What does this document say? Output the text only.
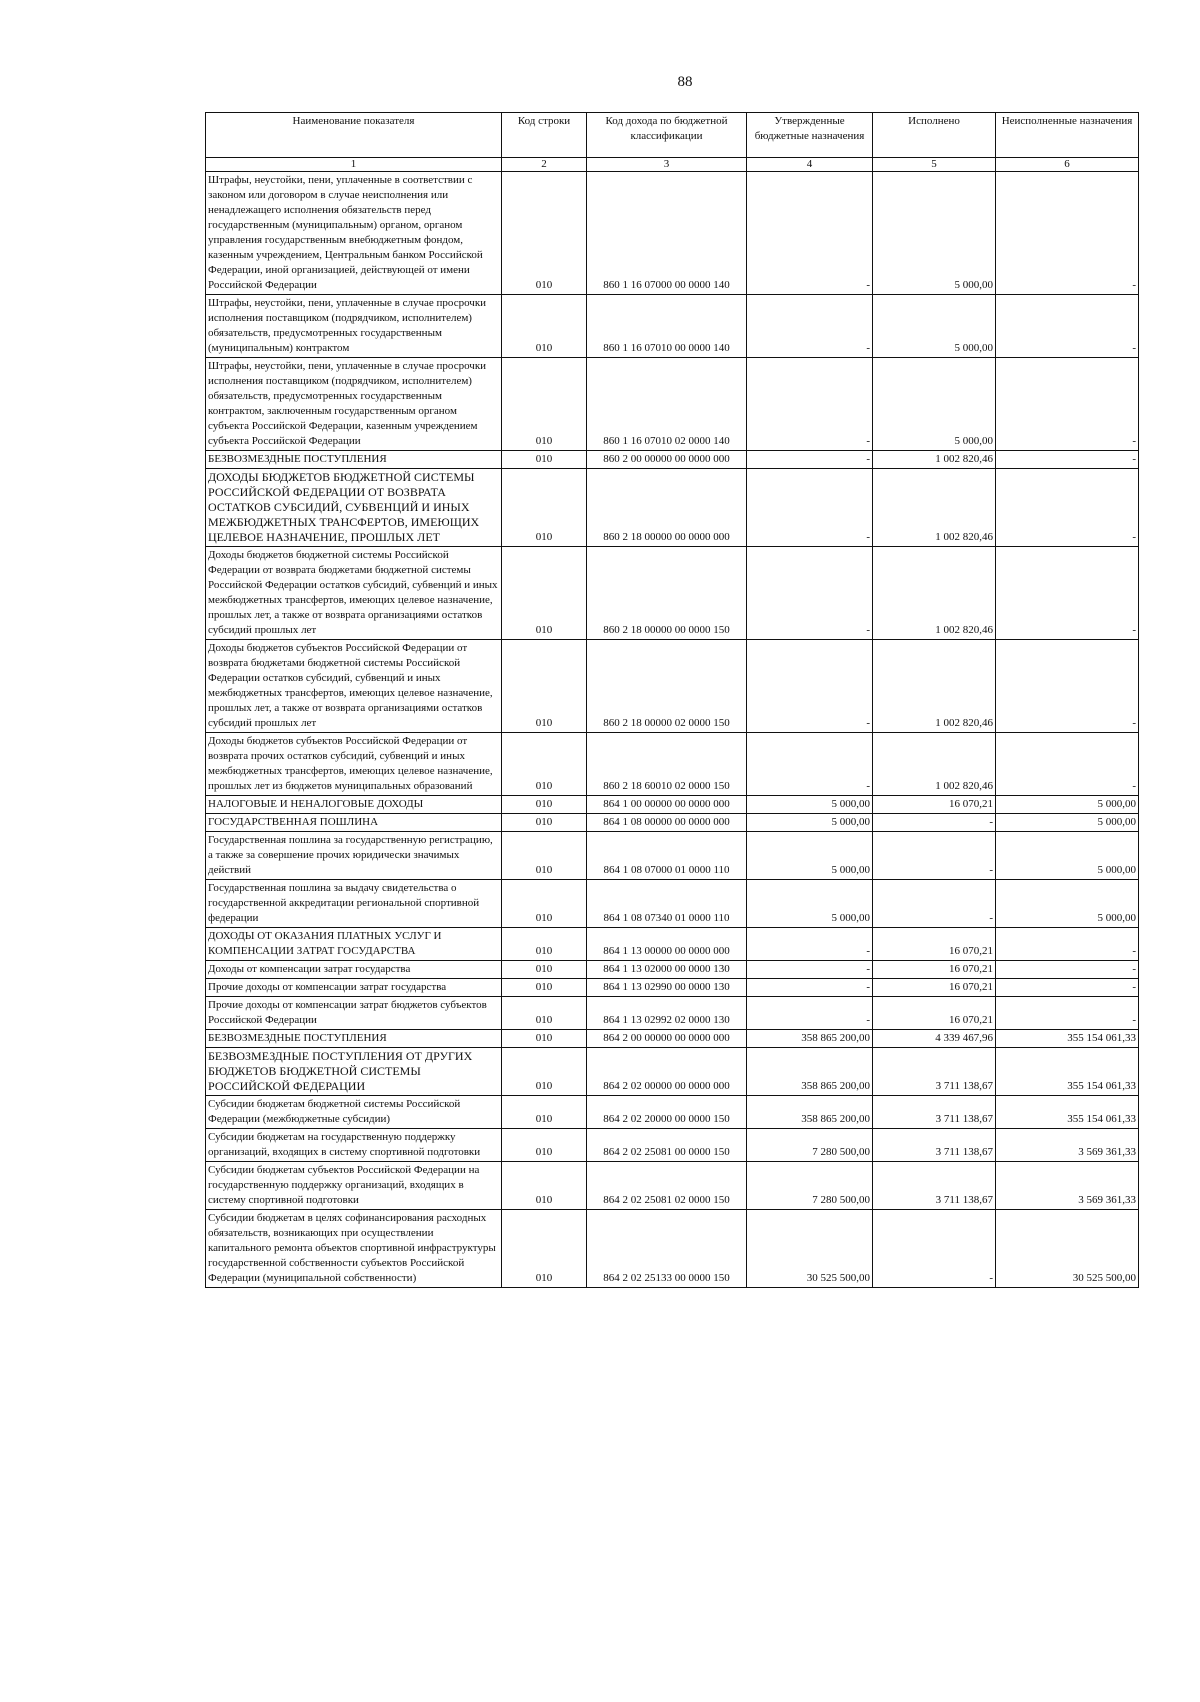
88
Наименование показателя	Код строки	Код дохода по бюджетной классификации	Утвержденные бюджетные назначения	Исполнено	Неисполненные назначения
1	2	3	4	5	6
Штрафы, неустойки, пени, уплаченные в соответствии с законом или договором в случае неисполнения или ненадлежащего исполнения обязательств перед государственным (муниципальным) органом, органом управления государственным внебюджетным фондом, казенным учреждением, Центральным банком Российской Федерации, иной организацией, действующей от имени Российской Федерации	010	860 1 16 07000 00 0000 140	-	5 000,00	-
Штрафы, неустойки, пени, уплаченные в случае просрочки исполнения поставщиком (подрядчиком, исполнителем) обязательств, предусмотренных государственным (муниципальным) контрактом	010	860 1 16 07010 00 0000 140	-	5 000,00	-
Штрафы, неустойки, пени, уплаченные в случае просрочки исполнения поставщиком (подрядчиком, исполнителем) обязательств, предусмотренных государственным контрактом, заключенным государственным органом субъекта Российской Федерации, казенным учреждением субъекта Российской Федерации	010	860 1 16 07010 02 0000 140	-	5 000,00	-
БЕЗВОЗМЕЗДНЫЕ ПОСТУПЛЕНИЯ	010	860 2 00 00000 00 0000 000	-	1 002 820,46	-
ДОХОДЫ БЮДЖЕТОВ БЮДЖЕТНОЙ СИСТЕМЫ РОССИЙСКОЙ ФЕДЕРАЦИИ ОТ ВОЗВРАТА ОСТАТКОВ СУБСИДИЙ, СУБВЕНЦИЙ И ИНЫХ МЕЖБЮДЖЕТНЫХ ТРАНСФЕРТОВ, ИМЕЮЩИХ ЦЕЛЕВОЕ НАЗНАЧЕНИЕ, ПРОШЛЫХ ЛЕТ	010	860 2 18 00000 00 0000 000	-	1 002 820,46	-
Доходы бюджетов бюджетной системы Российской Федерации от возврата бюджетами бюджетной системы Российской Федерации остатков субсидий, субвенций и иных межбюджетных трансфертов, имеющих целевое назначение, прошлых лет, а также от возврата организациями остатков субсидий прошлых лет	010	860 2 18 00000 00 0000 150	-	1 002 820,46	-
Доходы бюджетов субъектов Российской Федерации от возврата бюджетами бюджетной системы Российской Федерации остатков субсидий, субвенций и иных межбюджетных трансфертов, имеющих целевое назначение, прошлых лет, а также от возврата организациями остатков субсидий прошлых лет	010	860 2 18 00000 02 0000 150	-	1 002 820,46	-
Доходы бюджетов субъектов Российской Федерации от возврата прочих остатков субсидий, субвенций и иных межбюджетных трансфертов, имеющих целевое назначение, прошлых лет из бюджетов муниципальных образований	010	860 2 18 60010 02 0000 150	-	1 002 820,46	-
НАЛОГОВЫЕ И НЕНАЛОГОВЫЕ ДОХОДЫ	010	864 1 00 00000 00 0000 000	5 000,00	16 070,21	5 000,00
ГОСУДАРСТВЕННАЯ ПОШЛИНА	010	864 1 08 00000 00 0000 000	5 000,00	-	5 000,00
Государственная пошлина за государственную регистрацию, а также за совершение прочих юридически значимых действий	010	864 1 08 07000 01 0000 110	5 000,00	-	5 000,00
Государственная пошлина за выдачу свидетельства о государственной аккредитации региональной спортивной федерации	010	864 1 08 07340 01 0000 110	5 000,00	-	5 000,00
ДОХОДЫ ОТ ОКАЗАНИЯ ПЛАТНЫХ УСЛУГ И КОМПЕНСАЦИИ ЗАТРАТ ГОСУДАРСТВА	010	864 1 13 00000 00 0000 000	-	16 070,21	-
Доходы от компенсации затрат государства	010	864 1 13 02000 00 0000 130	-	16 070,21	-
Прочие доходы от компенсации затрат государства	010	864 1 13 02990 00 0000 130	-	16 070,21	-
Прочие доходы от компенсации затрат бюджетов субъектов Российской Федерации	010	864 1 13 02992 02 0000 130	-	16 070,21	-
БЕЗВОЗМЕЗДНЫЕ ПОСТУПЛЕНИЯ	010	864 2 00 00000 00 0000 000	358 865 200,00	4 339 467,96	355 154 061,33
БЕЗВОЗМЕЗДНЫЕ ПОСТУПЛЕНИЯ ОТ ДРУГИХ БЮДЖЕТОВ БЮДЖЕТНОЙ СИСТЕМЫ РОССИЙСКОЙ ФЕДЕРАЦИИ	010	864 2 02 00000 00 0000 000	358 865 200,00	3 711 138,67	355 154 061,33
Субсидии бюджетам бюджетной системы Российской Федерации (межбюджетные субсидии)	010	864 2 02 20000 00 0000 150	358 865 200,00	3 711 138,67	355 154 061,33
Субсидии бюджетам на государственную поддержку организаций, входящих в систему спортивной подготовки	010	864 2 02 25081 00 0000 150	7 280 500,00	3 711 138,67	3 569 361,33
Субсидии бюджетам субъектов Российской Федерации на государственную поддержку организаций, входящих в систему спортивной подготовки	010	864 2 02 25081 02 0000 150	7 280 500,00	3 711 138,67	3 569 361,33
Субсидии бюджетам в целях софинансирования расходных обязательств, возникающих при осуществлении капитального ремонта объектов спортивной инфраструктуры государственной собственности субъектов Российской Федерации (муниципальной собственности)	010	864 2 02 25133 00 0000 150	30 525 500,00	-	30 525 500,00
